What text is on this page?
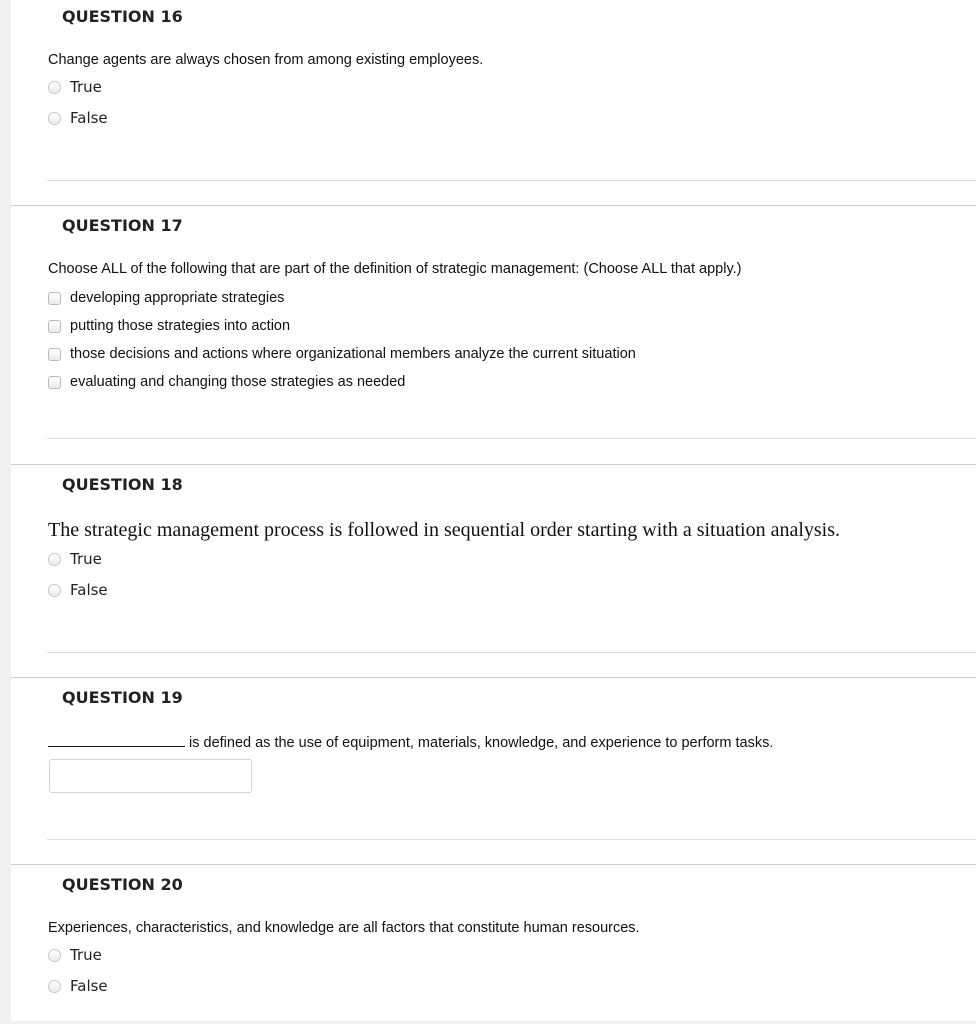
QUESTION 16
Change agents are always chosen from among existing employees.
True
False
QUESTION 17
Choose ALL of the following that are part of the definition of strategic management: (Choose ALL that apply.)
developing appropriate strategies
putting those strategies into action
those decisions and actions where organizational members analyze the current situation
evaluating and changing those strategies as needed
QUESTION 18
The strategic management process is followed in sequential order starting with a situation analysis.
True
False
QUESTION 19
is defined as the use of equipment, materials, knowledge, and experience to perform tasks.
QUESTION 20
Experiences, characteristics, and knowledge are all factors that constitute human resources.
True
False
